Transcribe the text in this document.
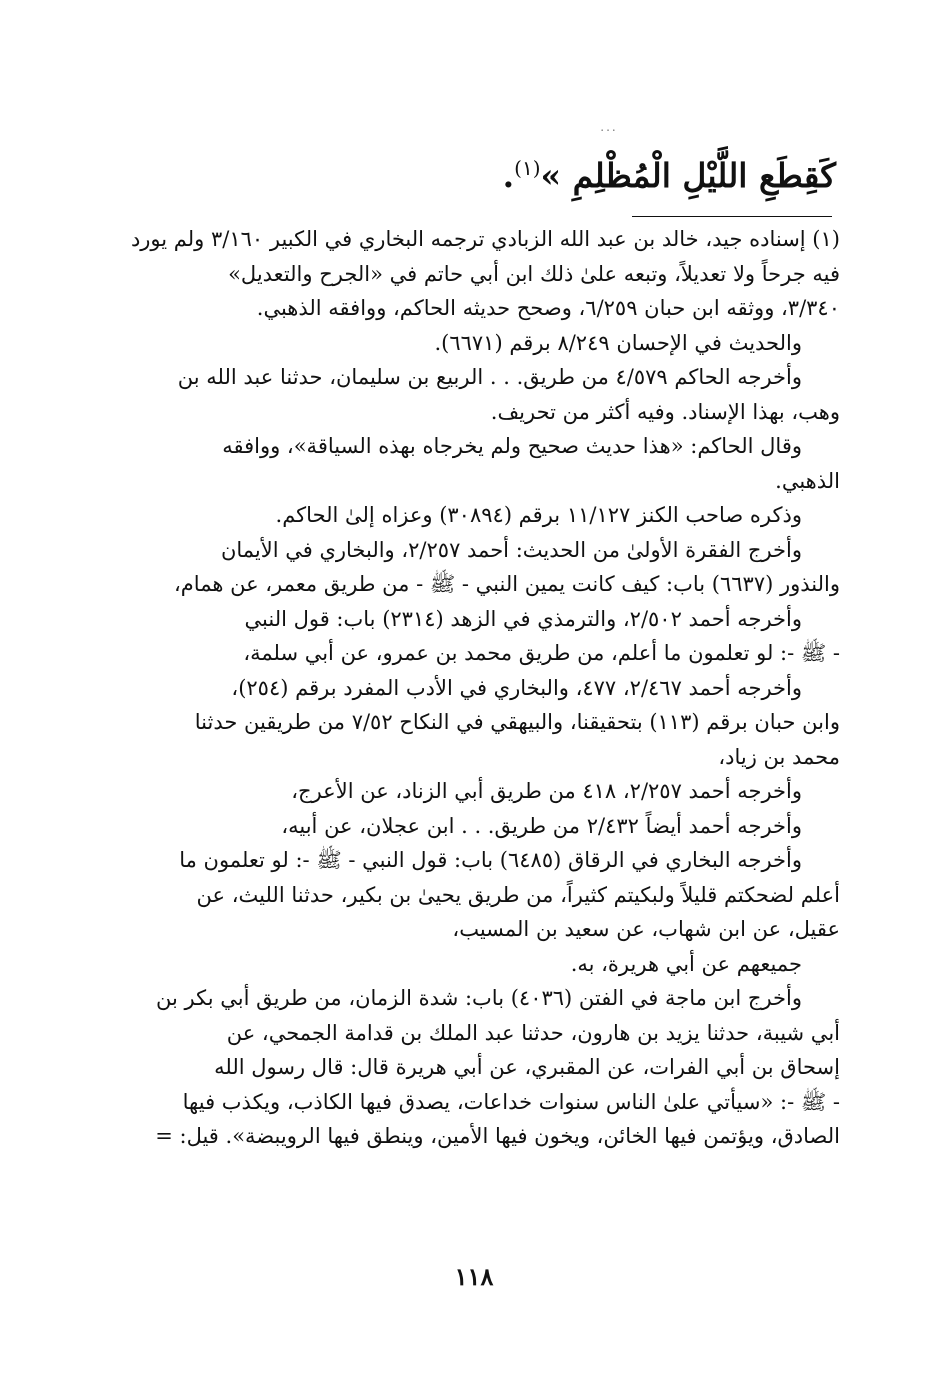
...
كَقِطَعِ اللَّيْلِ الْمُظْلِمِ »$^{(١)}$.

(١) إسناده جيد، خالد بن عبد الله الزبادي ترجمه البخاري في الكبير ٣/١٦٠ ولم يورد

فيه جرحاً ولا تعديلاً، وتبعه علىٰ ذلك ابن أبي حاتم في «الجرح والتعديل»

٣/٣٤٠، ووثقه ابن حبان ٦/٢٥٩، وصحح حديثه الحاكم، ووافقه الذهبي.

والحديث في الإحسان ٨/٢٤٩ برقم (٦٦٧١).

وأخرجه الحاكم ٤/٥٧٩ من طريق. . . الربيع بن سليمان، حدثنا عبد الله بن

وهب، بهذا الإسناد. وفيه أكثر من تحريف.

وقال الحاكم: «هذا حديث صحيح ولم يخرجاه بهذه السياقة»، ووافقه

الذهبي.

وذكره صاحب الكنز ١١/١٢٧ برقم (٣٠٨٩٤) وعزاه إلىٰ الحاكم.

وأخرج الفقرة الأولىٰ من الحديث: أحمد ٢/٢٥٧، والبخاري في الأيمان

والنذور (٦٦٣٧) باب: كيف كانت يمين النبي - ﷺ - من طريق معمر، عن همام،

وأخرجه أحمد ٢/٥٠٢، والترمذي في الزهد (٢٣١٤) باب: قول النبي

- ﷺ -: لو تعلمون ما أعلم، من طريق محمد بن عمرو، عن أبي سلمة،

وأخرجه أحمد ٢/٤٦٧، ٤٧٧، والبخاري في الأدب المفرد برقم (٢٥٤)،

وابن حبان برقم (١١٣) بتحقيقنا، والبيهقي في النكاح ٧/٥٢ من طريقين حدثنا

محمد بن زياد،

وأخرجه أحمد ٢/٢٥٧، ٤١٨ من طريق أبي الزناد، عن الأعرج،

وأخرجه أحمد أيضاً ٢/٤٣٢ من طريق. . . ابن عجلان، عن أبيه،

وأخرجه البخاري في الرقاق (٦٤٨٥) باب: قول النبي - ﷺ -: لو تعلمون ما

أعلم لضحكتم قليلاً ولبكيتم كثيراً، من طريق يحيىٰ بن بكير، حدثنا الليث، عن

عقيل، عن ابن شهاب، عن سعيد بن المسيب،

جميعهم عن أبي هريرة، به.

وأخرج ابن ماجة في الفتن (٤٠٣٦) باب: شدة الزمان، من طريق أبي بكر بن

أبي شيبة، حدثنا يزيد بن هارون، حدثنا عبد الملك بن قدامة الجمحي، عن

إسحاق بن أبي الفرات، عن المقبري، عن أبي هريرة قال: قال رسول الله

- ﷺ -: «سيأتي علىٰ الناس سنوات خداعات، يصدق فيها الكاذب، ويكذب فيها

الصادق، ويؤتمن فيها الخائن، ويخون فيها الأمين، وينطق فيها الرويبضة». قيل: =

١١٨
